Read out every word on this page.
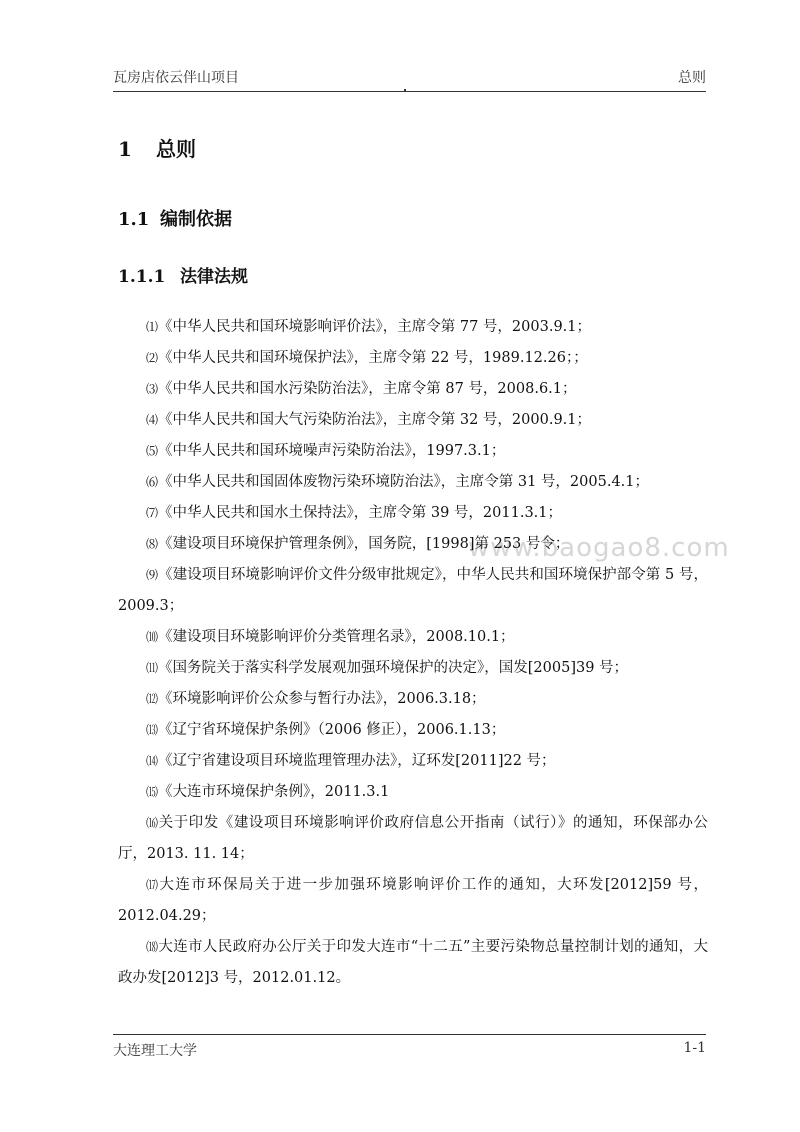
瓦房店依云伴山项目	总则
1 总则
1.1 编制依据
1.1.1 法律法规
www.baogao8.com
⑴《中华人民共和国环境影响评价法》，主席令第 77 号，2003.9.1；
⑵《中华人民共和国环境保护法》，主席令第 22 号，1989.12.26；；
⑶《中华人民共和国水污染防治法》，主席令第 87 号，2008.6.1；
⑷《中华人民共和国大气污染防治法》，主席令第 32 号，2000.9.1；
⑸《中华人民共和国环境噪声污染防治法》，1997.3.1；
⑹《中华人民共和国固体废物污染环境防治法》，主席令第 31 号，2005.4.1；
⑺《中华人民共和国水土保持法》，主席令第 39 号，2011.3.1；
⑻《建设项目环境保护管理条例》，国务院，[1998]第 253 号令；
⑼《建设项目环境影响评价文件分级审批规定》，中华人民共和国环境保护部令第 5 号，2009.3；
⑽《建设项目环境影响评价分类管理名录》，2008.10.1；
⑾《国务院关于落实科学发展观加强环境保护的决定》，国发[2005]39 号；
⑿《环境影响评价公众参与暂行办法》，2006.3.18；
⒀《辽宁省环境保护条例》（2006 修正），2006.1.13；
⒁《辽宁省建设项目环境监理管理办法》，辽环发[2011]22 号；
⒂《大连市环境保护条例》，2011.3.1
⒃关于印发《建设项目环境影响评价政府信息公开指南（试行）》的通知，环保部办公厅，2013. 11. 14；
⒄大连市环保局关于进一步加强环境影响评价工作的通知，大环发[2012]59 号，2012.04.29；
⒅大连市人民政府办公厅关于印发大连市“十二五”主要污染物总量控制计划的通知，大政办发[2012]3 号，2012.01.12。
大连理工大学	1-1
